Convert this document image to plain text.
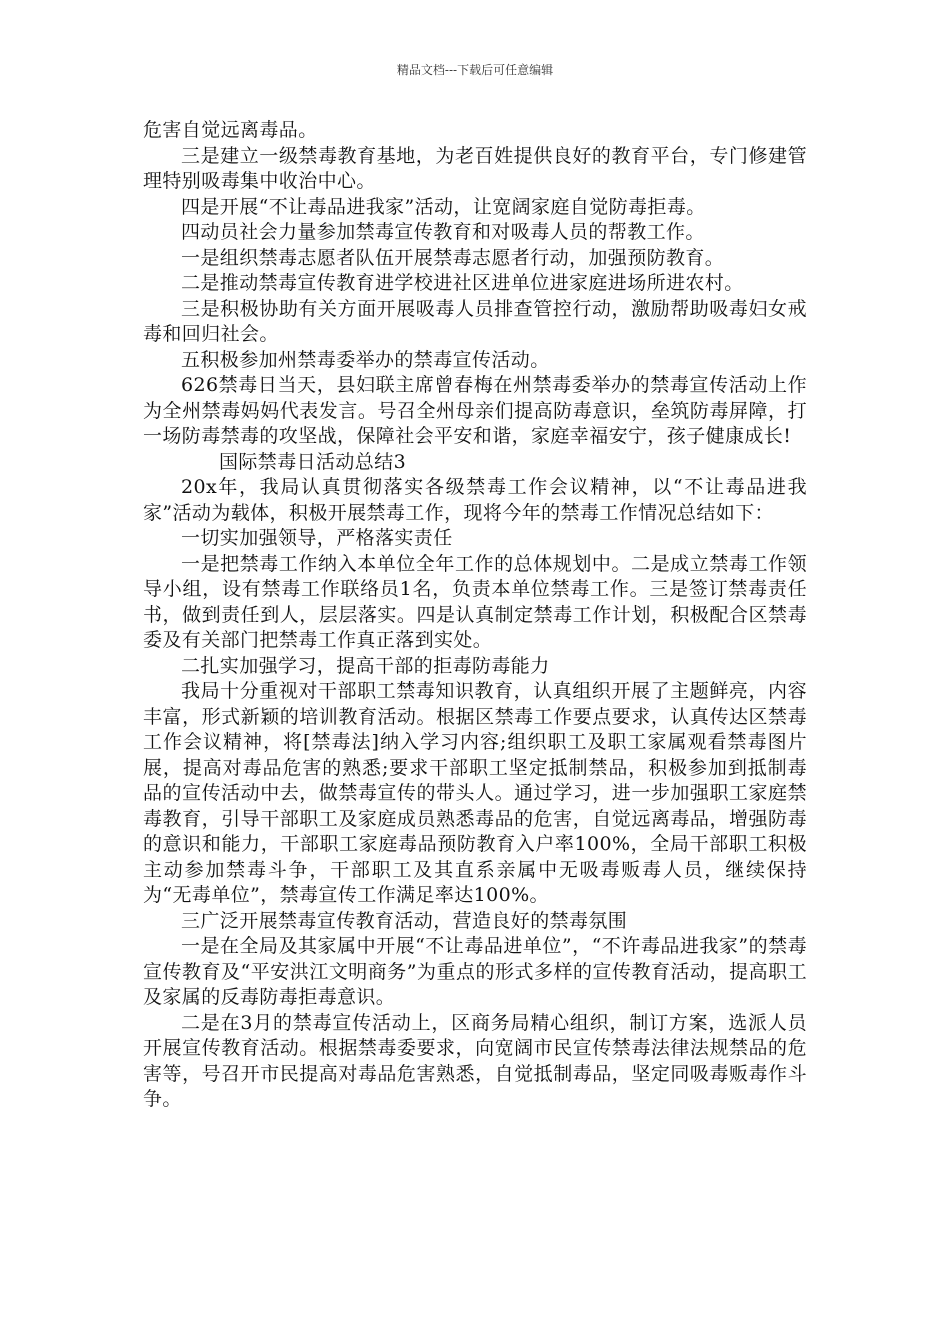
精品文档---下载后可任意编辑

危害自觉远离毒品。

三是建立一级禁毒教育基地，为老百姓提供良好的教育平台，专门修建管理特别吸毒集中收治中心。

四是开展“不让毒品进我家”活动，让宽阔家庭自觉防毒拒毒。

四动员社会力量参加禁毒宣传教育和对吸毒人员的帮教工作。

一是组织禁毒志愿者队伍开展禁毒志愿者行动，加强预防教育。

二是推动禁毒宣传教育进学校进社区进单位进家庭进场所进农村。

三是积极协助有关方面开展吸毒人员排查管控行动，激励帮助吸毒妇女戒毒和回归社会。

五积极参加州禁毒委举办的禁毒宣传活动。

626禁毒日当天，县妇联主席曾春梅在州禁毒委举办的禁毒宣传活动上作为全州禁毒妈妈代表发言。号召全州母亲们提高防毒意识，垒筑防毒屏障，打一场防毒禁毒的攻坚战，保障社会平安和谐，家庭幸福安宁，孩子健康成长!

国际禁毒日活动总结3

20x年，我局认真贯彻落实各级禁毒工作会议精神，以“不让毒品进我家”活动为载体，积极开展禁毒工作，现将今年的禁毒工作情况总结如下：

一切实加强领导，严格落实责任

一是把禁毒工作纳入本单位全年工作的总体规划中。二是成立禁毒工作领导小组，设有禁毒工作联络员1名，负责本单位禁毒工作。三是签订禁毒责任书，做到责任到人，层层落实。四是认真制定禁毒工作计划，积极配合区禁毒委及有关部门把禁毒工作真正落到实处。

二扎实加强学习，提高干部的拒毒防毒能力

我局十分重视对干部职工禁毒知识教育，认真组织开展了主题鲜亮，内容丰富，形式新颖的培训教育活动。根据区禁毒工作要点要求，认真传达区禁毒工作会议精神，将[禁毒法]纳入学习内容;组织职工及职工家属观看禁毒图片展，提高对毒品危害的熟悉;要求干部职工坚定抵制禁品，积极参加到抵制毒品的宣传活动中去，做禁毒宣传的带头人。通过学习，进一步加强职工家庭禁毒教育，引导干部职工及家庭成员熟悉毒品的危害，自觉远离毒品，增强防毒的意识和能力，干部职工家庭毒品预防教育入户率100%，全局干部职工积极主动参加禁毒斗争，干部职工及其直系亲属中无吸毒贩毒人员，继续保持为“无毒单位”，禁毒宣传工作满足率达100%。

三广泛开展禁毒宣传教育活动，营造良好的禁毒氛围

一是在全局及其家属中开展“不让毒品进单位”，“不许毒品进我家”的禁毒宣传教育及“平安洪江文明商务”为重点的形式多样的宣传教育活动，提高职工及家属的反毒防毒拒毒意识。

二是在3月的禁毒宣传活动上，区商务局精心组织，制订方案，选派人员开展宣传教育活动。根据禁毒委要求，向宽阔市民宣传禁毒法律法规禁品的危害等，号召开市民提高对毒品危害熟悉，自觉抵制毒品，坚定同吸毒贩毒作斗争。
